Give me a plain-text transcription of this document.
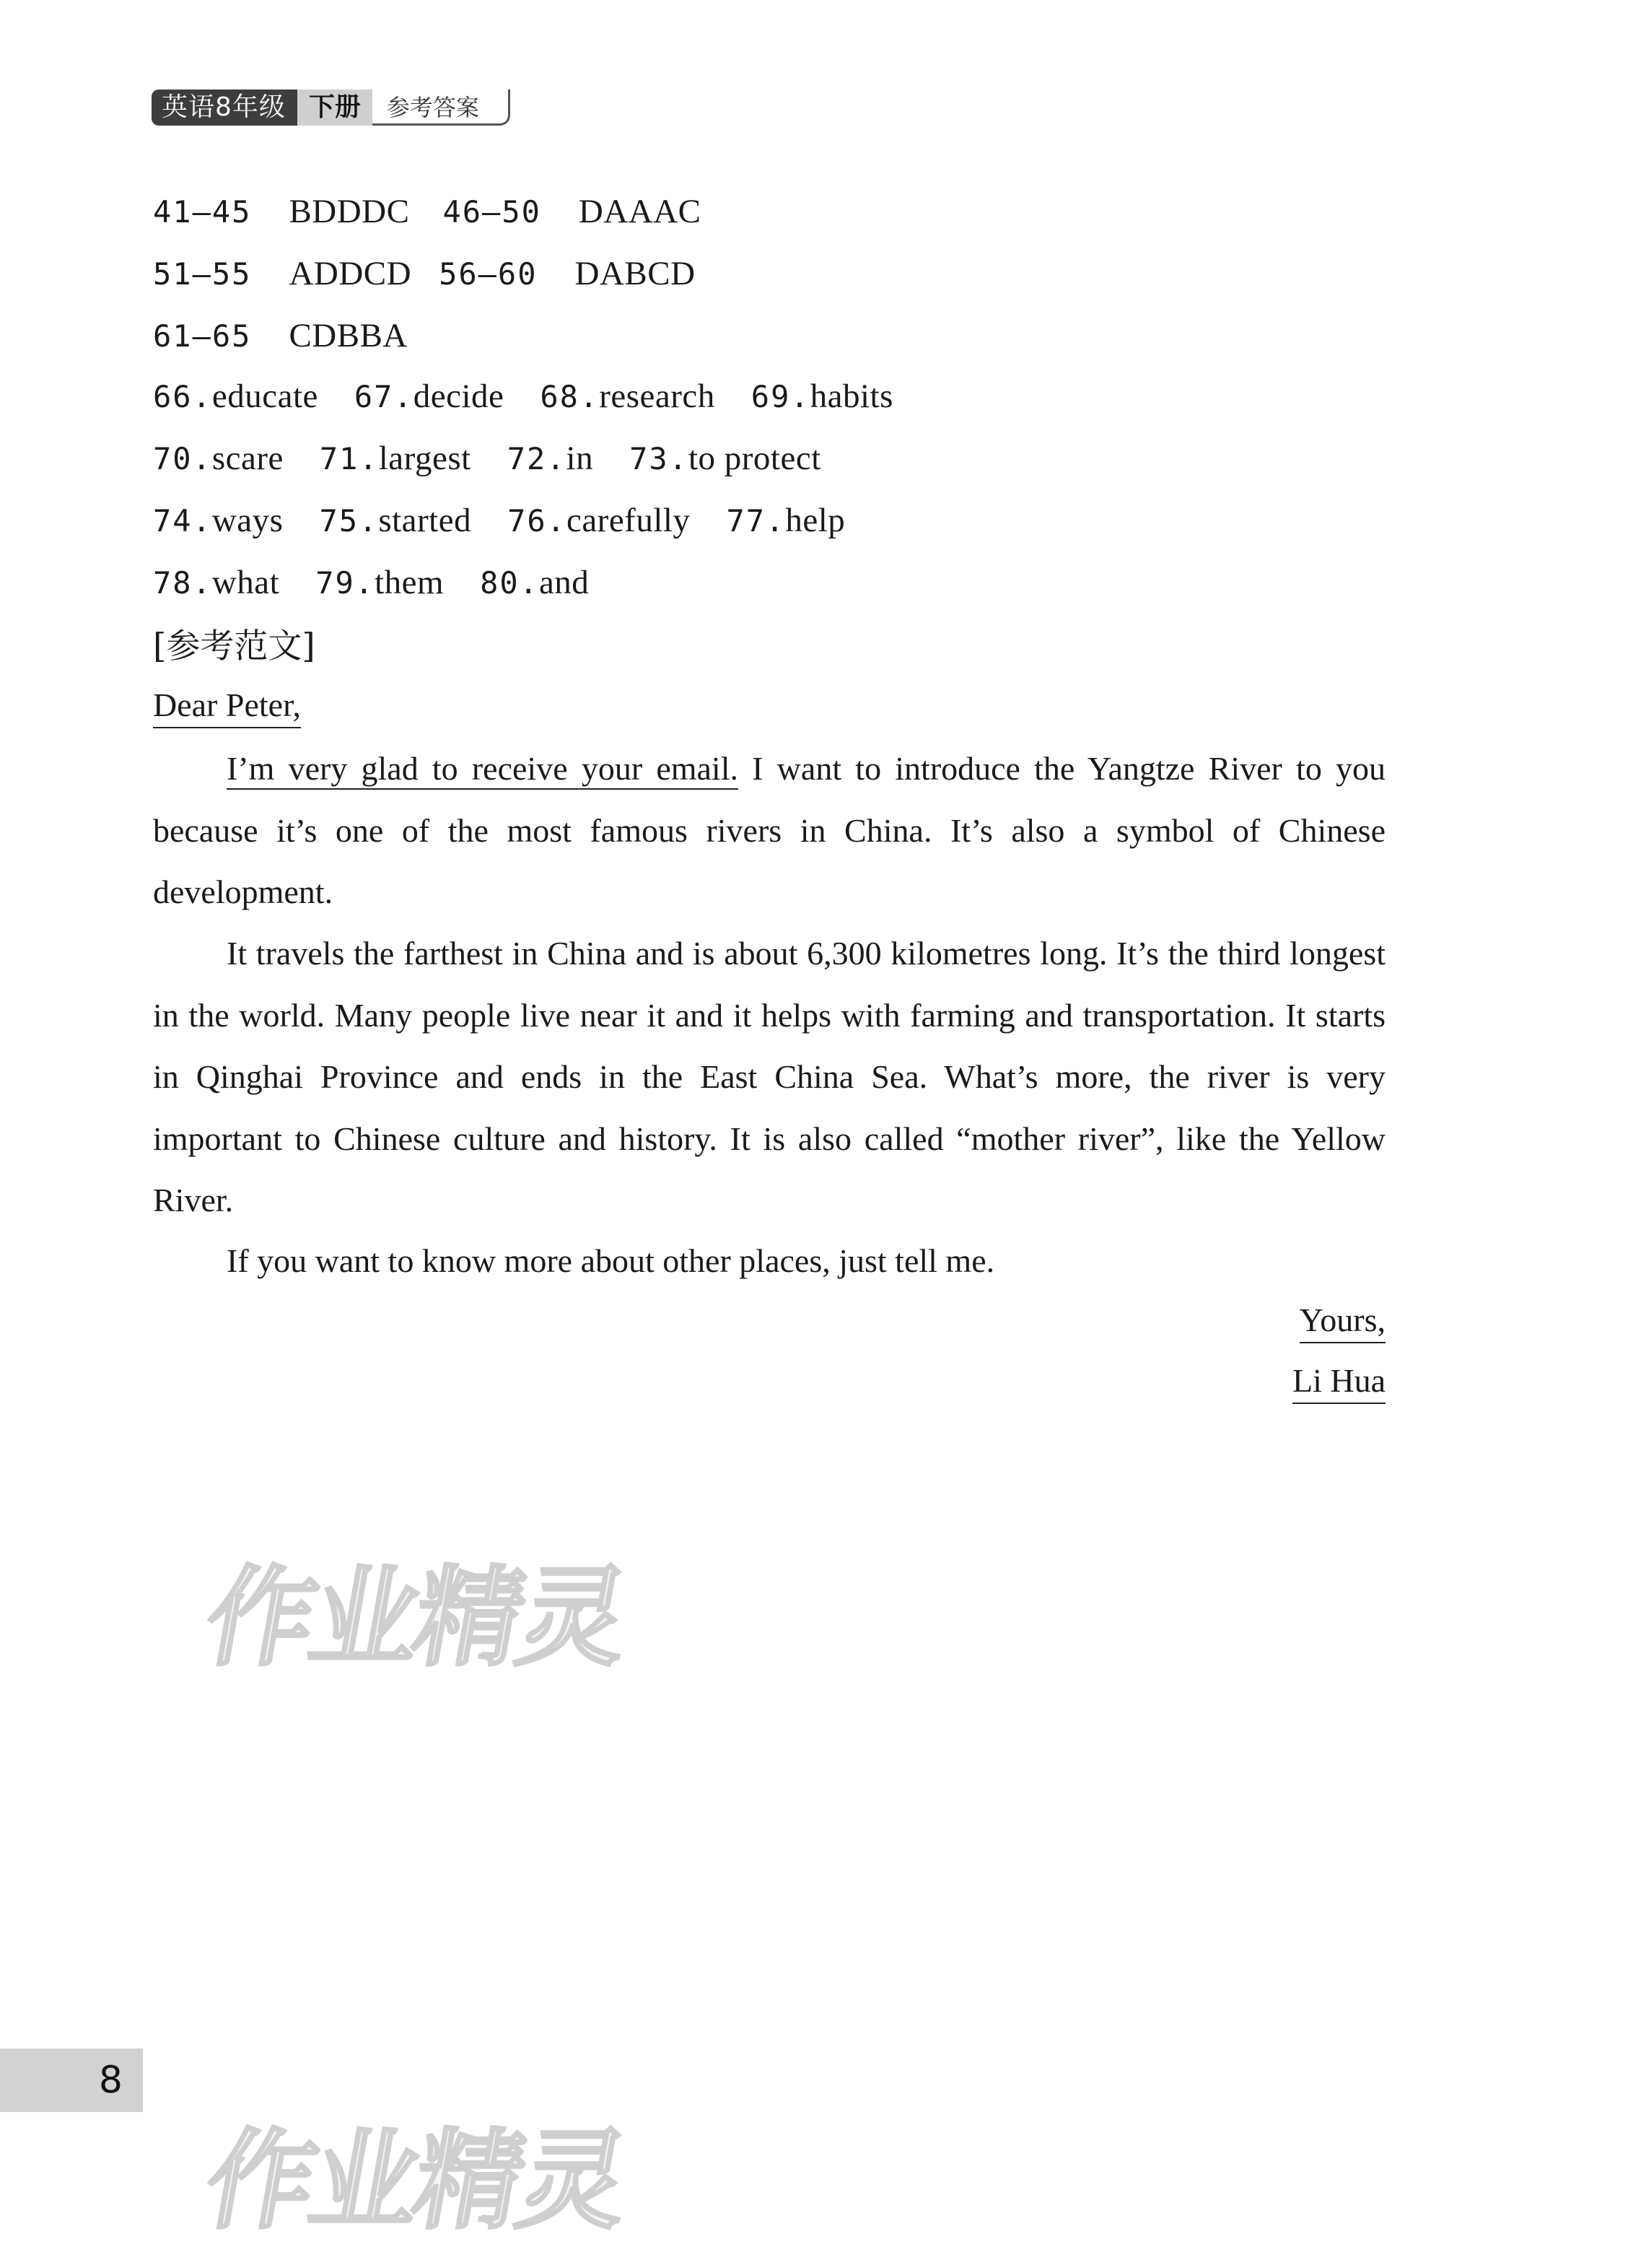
英语8年级 下册	参考答案
41—45 BDDDC 46—50 DAAAC
51—55 ADDCD 56—60 DABCD
61—65 CDBBA
66.educate 67.decide 68.research 69.habits
70.scare 71.largest 72.in 73.to protect
74.ways 75.started 76.carefully 77.help
78.what 79.them 80.and
[参考范文]
Dear Peter,

I’m very glad to receive your email. I want to introduce the Yangtze River to you because it’s one of the most famous rivers in China. It’s also a symbol of Chinese development.

It travels the farthest in China and is about 6,300 kilometres long. It’s the third longest in the world. Many people live near it and it helps with farming and transportation. It starts in Qinghai Province and ends in the East China Sea. What’s more, the river is very important to Chinese culture and history. It is also called “mother river”, like the Yellow River.

If you want to know more about other places, just tell me.

Yours,
Li Hua
作业精灵
作业精灵
8
